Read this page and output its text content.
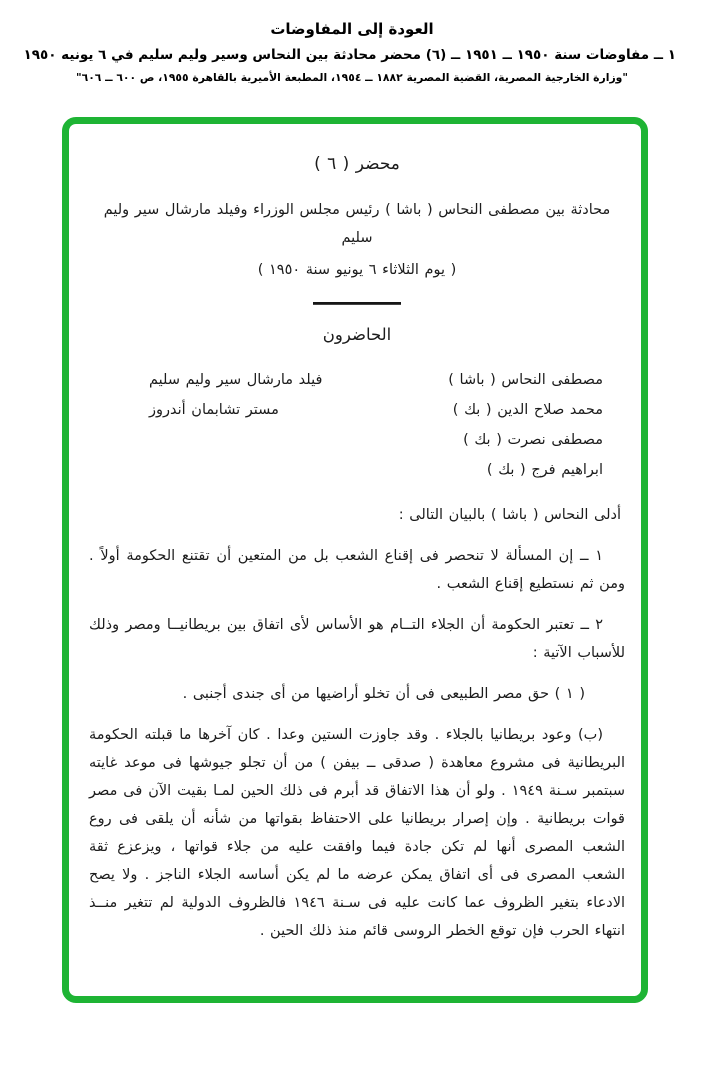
العودة إلى المفاوضات
١ ــ مفاوضات سنة ١٩٥٠ ــ ١٩٥١ ــ (٦) محضر محادثة بين النحاس وسير وليم سليم في ٦ يونيه ١٩٥٠
"وزارة الخارجية المصرية، القضية المصرية ١٨٨٢ ــ ١٩٥٤، المطبعة الأميرية بالقاهرة ١٩٥٥، ص ٦٠٠ ــ ٦٠٦"
محضر ( ٦ )
محادثة بين مصطفى النحاس ( باشا ) رئيس مجلس الوزراء وفيلد مارشال سير وليم سليم
( يوم الثلاثاء ٦ يونيو سنة ١٩٥٠ )
الحاضرون
مصطفى النحاس ( باشا )
محمد صلاح الدين ( بك )
مصطفى نصرت ( بك )
ابراهيم فرج ( بك )
فيلد مارشال سير وليم سليم
مستر تشابمان أندروز
أدلى النحاس ( باشا ) بالبيان التالى :
١ ــ إن المسألة لا تنحصر فى إقناع الشعب بل من المتعين أن تقتنع الحكومة أولاً . ومن ثم نستطيع إقناع الشعب .
٢ ــ تعتبر الحكومة أن الجلاء التــام هو الأساس لأى اتفاق بين بريطانيــا ومصر وذلك للأسباب الآتية :
( ١ ) حق مصر الطبيعى فى أن تخلو أراضيها من أى جندى أجنبى .
(ب) وعود بريطانيا بالجلاء . وقد جاوزت الستين وعدا . كان آخرها ما قبلته الحكومة البريطانية فى مشروع معاهدة ( صدقى ــ بيفن ) من أن تجلو جيوشها فى موعد غايته سبتمبر سـنة ١٩٤٩ . ولو أن هذا الاتفاق قد أبرم فى ذلك الحين لمـا بقيت الآن فى مصر قوات بريطانية . وإن إصرار بريطانيا على الاحتفاظ بقواتها من شأنه أن يلقى فى روع الشعب المصرى أنها لم تكن جادة فيما وافقت عليه من جلاء قواتها ، ويزعزع ثقة الشعب المصرى فى أى اتفاق يمكن عرضه ما لم يكن أساسه الجلاء الناجز . ولا يصح الادعاء بتغير الظروف عما كانت عليه فى سـنة ١٩٤٦ فالظروف الدولية لم تتغير منــذ انتهاء الحرب فإن توقع الخطر الروسى قائم منذ ذلك الحين .
